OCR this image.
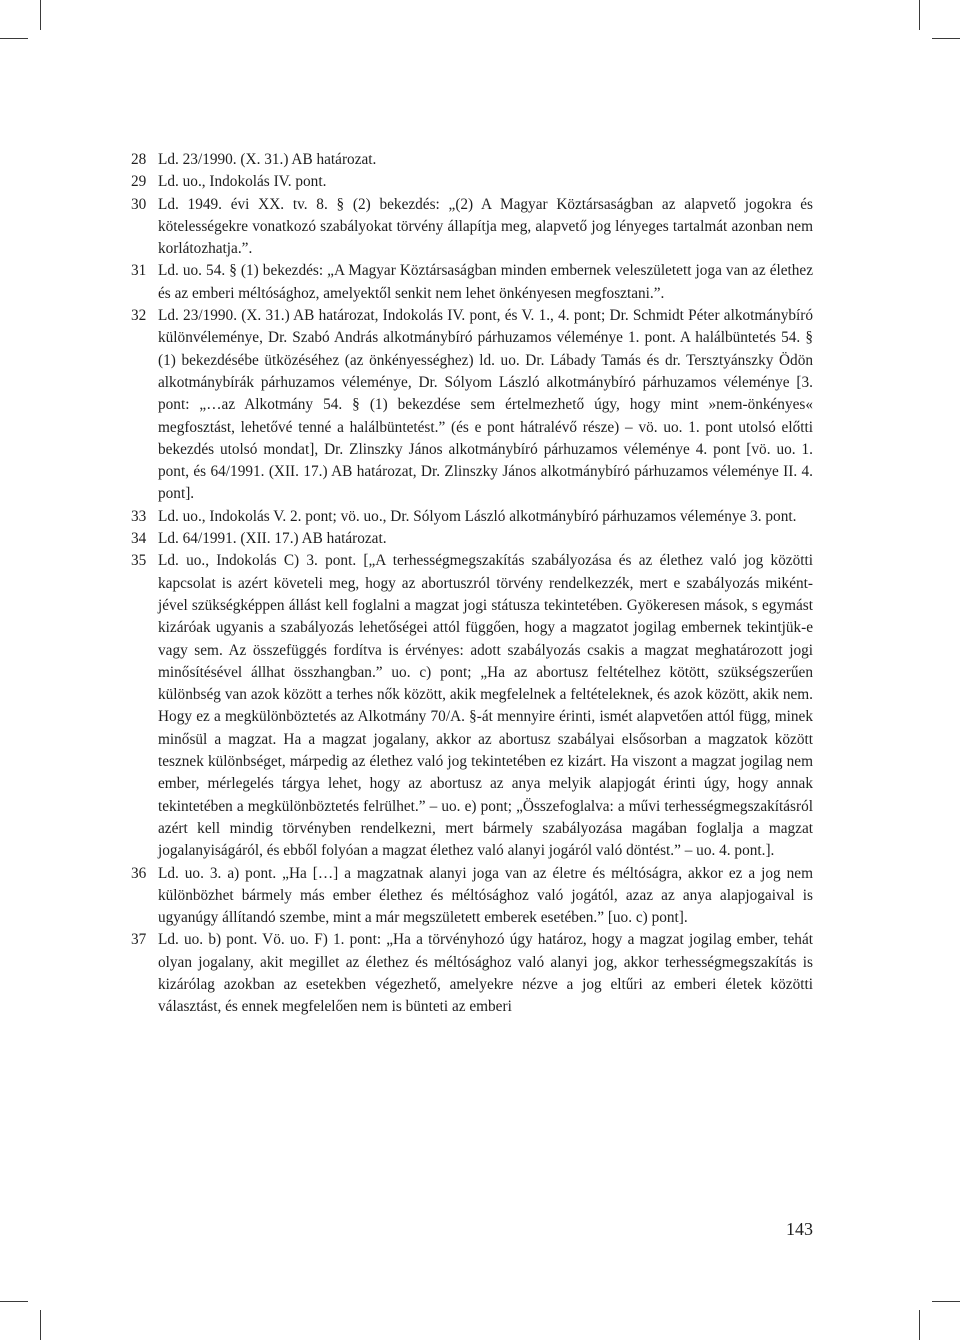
28 Ld. 23/1990. (X. 31.) AB határozat.

29 Ld. uo., Indokolás IV. pont.

30 Ld. 1949. évi XX. tv. 8. § (2) bekezdés: „(2) A Magyar Köztársaságban az alapvető jogokra és kötelességekre vonatkozó szabályokat törvény állapítja meg, alapvető jog lényeges tartalmát azonban nem korlátozhatja.”.

31 Ld. uo. 54. § (1) bekezdés: „A Magyar Köztársaságban minden embernek veleszületett joga van az élethez és az emberi méltósághoz, amelyektől senkit nem lehet önkényesen megfosztani.”.

32 Ld. 23/1990. (X. 31.) AB határozat, Indokolás IV. pont, és V. 1., 4. pont; Dr. Schmidt Péter alkotmánybíró különvéleménye, Dr. Szabó András alkotmánybíró párhuzamos véleménye 1. pont. A halálbüntetés 54. § (1) bekezdésébe ütközéséhez (az önkényességhez) ld. uo. Dr. Lábady Tamás és dr. Tersztyánszky Ödön alkotmánybírák párhuzamos véleménye, Dr. Sólyom László alkotmánybíró párhuzamos véleménye [3. pont: „…az Alkotmány 54. § (1) bekezdése sem értelmezhető úgy, hogy mint »nem-önkényes« megfosztást, lehetővé tenné a halálbüntetést.” (és e pont hátralévő része) – vö. uo. 1. pont utolsó előtti bekezdés utolsó mondat], Dr. Zlinszky János alkotmánybíró párhuzamos véleménye 4. pont [vö. uo. 1. pont, és 64/1991. (XII. 17.) AB határozat, Dr. Zlinszky János alkotmánybíró párhuzamos véleménye II. 4. pont].

33 Ld. uo., Indokolás V. 2. pont; vö. uo., Dr. Sólyom László alkotmánybíró párhuzamos véleménye 3. pont.

34 Ld. 64/1991. (XII. 17.) AB határozat.

35 Ld. uo., Indokolás C) 3. pont. [„A terhességmegszakítás szabályozása és az élethez való jog közötti kapcsolat is azért követeli meg, hogy az abortuszról törvény rendelkezzék, mert e szabályozás miként-jével szükségképpen állást kell foglalni a magzat jogi státusza tekintetében. Gyökeresen mások, s egymást kizáróak ugyanis a szabályozás lehetőségei attól függően, hogy a magzatot jogilag embernek tekintjük-e vagy sem. Az összefüggés fordítva is érvényes: adott szabályozás csakis a magzat meghatározott jogi minősítésével állhat összhangban.” uo. c) pont; „Ha az abortusz feltételhez kötött, szükségszerűen különbség van azok között a terhes nők között, akik megfelelnek a feltételeknek, és azok között, akik nem. Hogy ez a megkülönböztetés az Alkotmány 70/A. §-át mennyire érinti, ismét alapvetően attól függ, minek minősül a magzat. Ha a magzat jogalany, akkor az abortusz szabályai elsősorban a magzatok között tesznek különbséget, márpedig az élethez való jog tekintetében ez kizárt. Ha viszont a magzat jogilag nem ember, mérlegelés tárgya lehet, hogy az abortusz az anya melyik alapjogát érinti úgy, hogy annak tekintetében a megkülönböztetés felrülhet.” – uo. e) pont; „Összefoglalva: a művi terhességmegszakításról azért kell mindig törvényben rendelkezni, mert bármely szabályozása magában foglalja a magzat jogalanyiságáról, és ebből folyóan a magzat élethez való alanyi jogáról való döntést.” – uo. 4. pont.].

36 Ld. uo. 3. a) pont. „Ha […] a magzatnak alanyi joga van az életre és méltóságra, akkor ez a jog nem különbözhet bármely más ember élethez és méltósághoz való jogától, azaz az anya alapjogaival is ugyanúgy állítandó szembe, mint a már megszületett emberek esetében.” [uo. c) pont].

37 Ld. uo. b) pont. Vö. uo. F) 1. pont: „Ha a törvényhozó úgy határoz, hogy a magzat jogilag ember, tehát olyan jogalany, akit megillet az élethez és méltósághoz való alanyi jog, akkor terhességmegszakítás is kizárólag azokban az esetekben végezhető, amelyekre nézve a jog eltűri az emberi életek közötti választást, és ennek megfelelően nem is bünteti az emberi

143
